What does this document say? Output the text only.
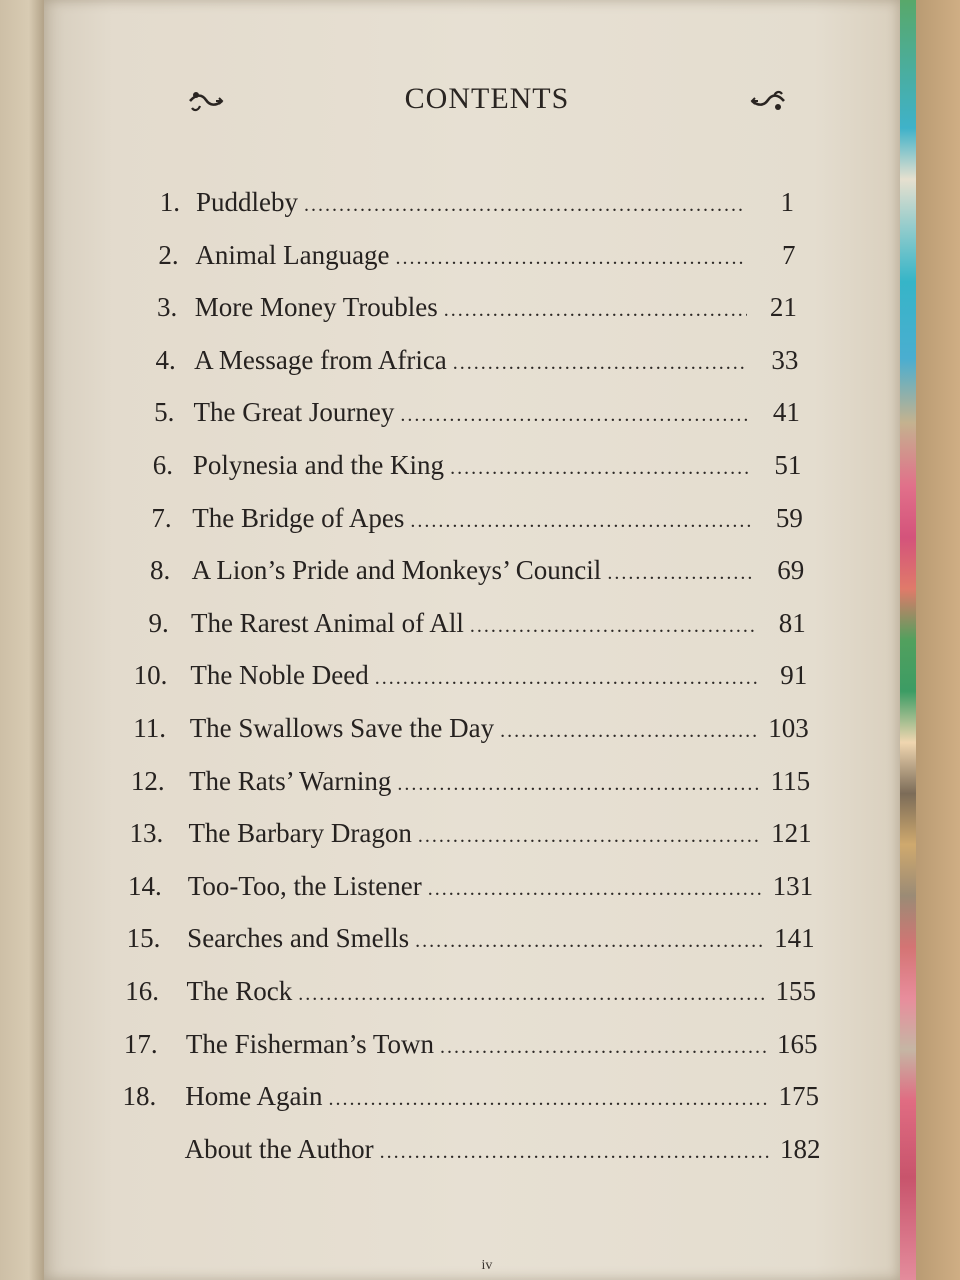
CONTENTS
1. Puddleby .....	1
2. Animal Language .....	7
3. More Money Troubles .....	21
4. A Message from Africa .....	33
5. The Great Journey .....	41
6. Polynesia and the King .....	51
7. The Bridge of Apes .....	59
8. A Lion’s Pride and Monkeys’ Council .....	69
9. The Rarest Animal of All .....	81
10. The Noble Deed .....	91
11. The Swallows Save the Day .....	103
12. The Rats’ Warning .....	115
13. The Barbary Dragon .....	121
14. Too-Too, the Listener .....	131
15. Searches and Smells .....	141
16. The Rock .....	155
17. The Fisherman’s Town .....	165
18. Home Again .....	175
About the Author .....	182
iv
